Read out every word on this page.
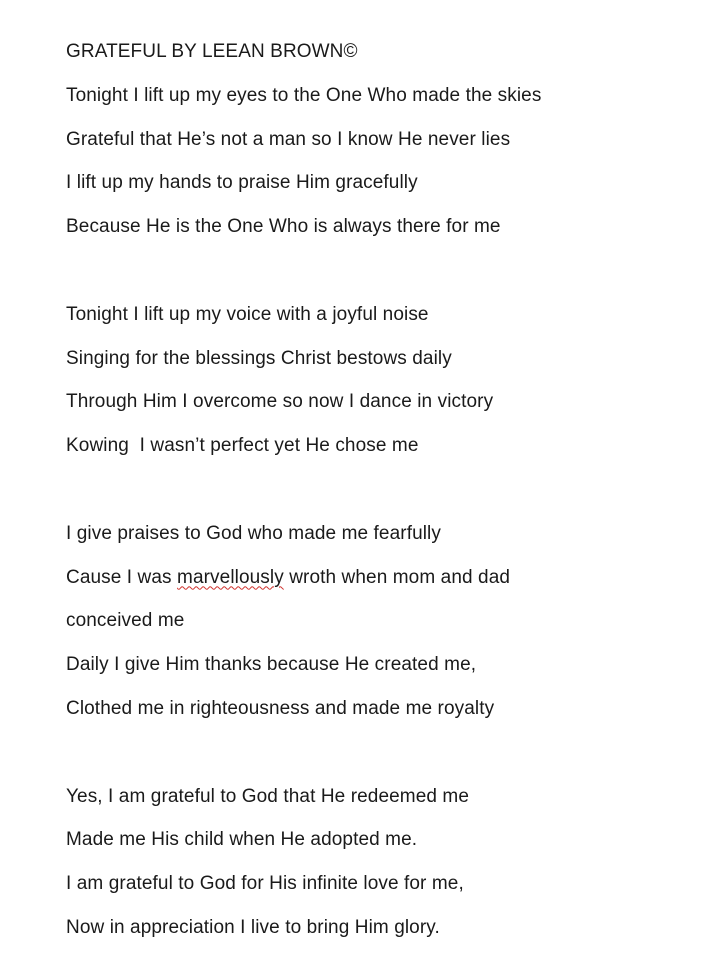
GRATEFUL BY LEEAN BROWN©
Tonight I lift up my eyes to the One Who made the skies
Grateful that He’s not a man so I know He never lies
I lift up my hands to praise Him gracefully
Because He is the One Who is always there for me
Tonight I lift up my voice with a joyful noise
Singing for the blessings Christ bestows daily
Through Him I overcome so now I dance in victory
Kowing  I wasn’t perfect yet He chose me
I give praises to God who made me fearfully
Cause I was marvellously wroth when mom and dad
conceived me
Daily I give Him thanks because He created me,
Clothed me in righteousness and made me royalty
Yes, I am grateful to God that He redeemed me
Made me His child when He adopted me.
I am grateful to God for His infinite love for me,
Now in appreciation I live to bring Him glory.
